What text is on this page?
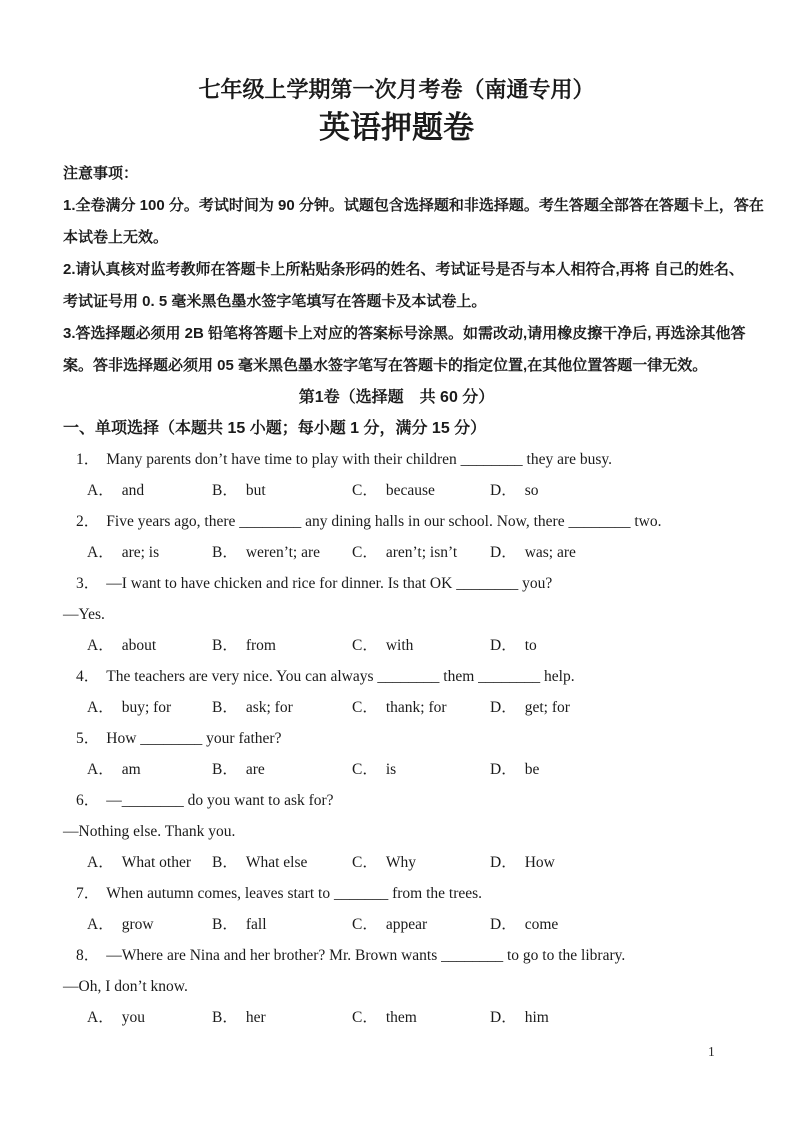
七年级上学期第一次月考卷（南通专用）
英语押题卷
注意事项：
1.全卷满分 100 分。考试时间为 90 分钟。试题包含选择题和非选择题。考生答题全部答在答题卡上，答在
本试卷上无效。
2.请认真核对监考教师在答题卡上所粘贴条形码的姓名、考试证号是否与本人相符合,再将 自己的姓名、
考试证号用 0. 5 毫米黑色墨水签字笔填写在答题卡及本试卷上。
3.答选择题必须用 2B 铅笔将答题卡上对应的答案标号涂黑。如需改动,请用橡皮擦干净后, 再选涂其他答
案。答非选择题必须用 05 毫米黑色墨水签字笔写在答题卡的指定位置,在其他位置答题一律无效。
第1卷（选择题　共 60 分）
一、单项选择（本题共 15 小题；每小题 1 分，满分 15 分）
1． Many parents don’t have time to play with their children ________ they are busy.
A． and	B． but	C． because	D． so
2． Five years ago, there ________ any dining halls in our school. Now, there ________ two.
A． are; is	B． weren’t; are C． aren’t; isn’t D． was; are
3． —I want to have chicken and rice for dinner. Is that OK ________ you?
—Yes.
A． about	B． from	C． with	D． to
4． The teachers are very nice. You can always ________ them ________ help.
A． buy; for	B． ask; for	C． thank; for	D． get; for
5． How ________ your father?
A． am	B． are	C． is	D． be
6． —________ do you want to ask for?
—Nothing else. Thank you.
A． What other B． What else	C． Why	D． How
7． When autumn comes, leaves start to _______ from the trees.
A． grow	B． fall	C． appear	D． come
8． —Where are Nina and her brother? Mr. Brown wants ________ to go to the library.
—Oh, I don’t know.
A． you	B． her	C． them	D． him
1
